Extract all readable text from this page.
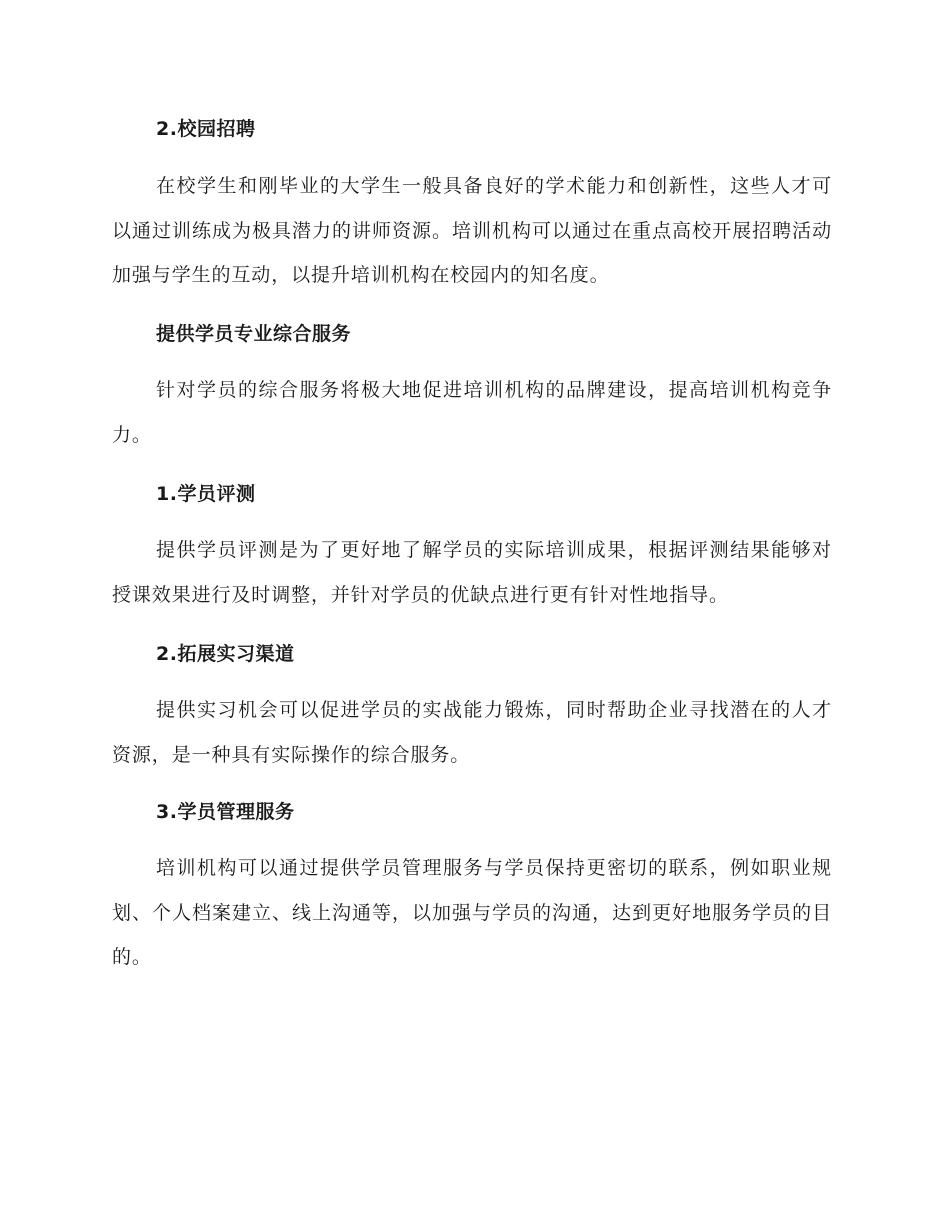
2.校园招聘
在校学生和刚毕业的大学生一般具备良好的学术能力和创新性，这些人才可以通过训练成为极具潜力的讲师资源。培训机构可以通过在重点高校开展招聘活动加强与学生的互动，以提升培训机构在校园内的知名度。
提供学员专业综合服务
针对学员的综合服务将极大地促进培训机构的品牌建设，提高培训机构竞争力。
1.学员评测
提供学员评测是为了更好地了解学员的实际培训成果，根据评测结果能够对授课效果进行及时调整，并针对学员的优缺点进行更有针对性地指导。
2.拓展实习渠道
提供实习机会可以促进学员的实战能力锻炼，同时帮助企业寻找潜在的人才资源，是一种具有实际操作的综合服务。
3.学员管理服务
培训机构可以通过提供学员管理服务与学员保持更密切的联系，例如职业规划、个人档案建立、线上沟通等，以加强与学员的沟通，达到更好地服务学员的目的。
